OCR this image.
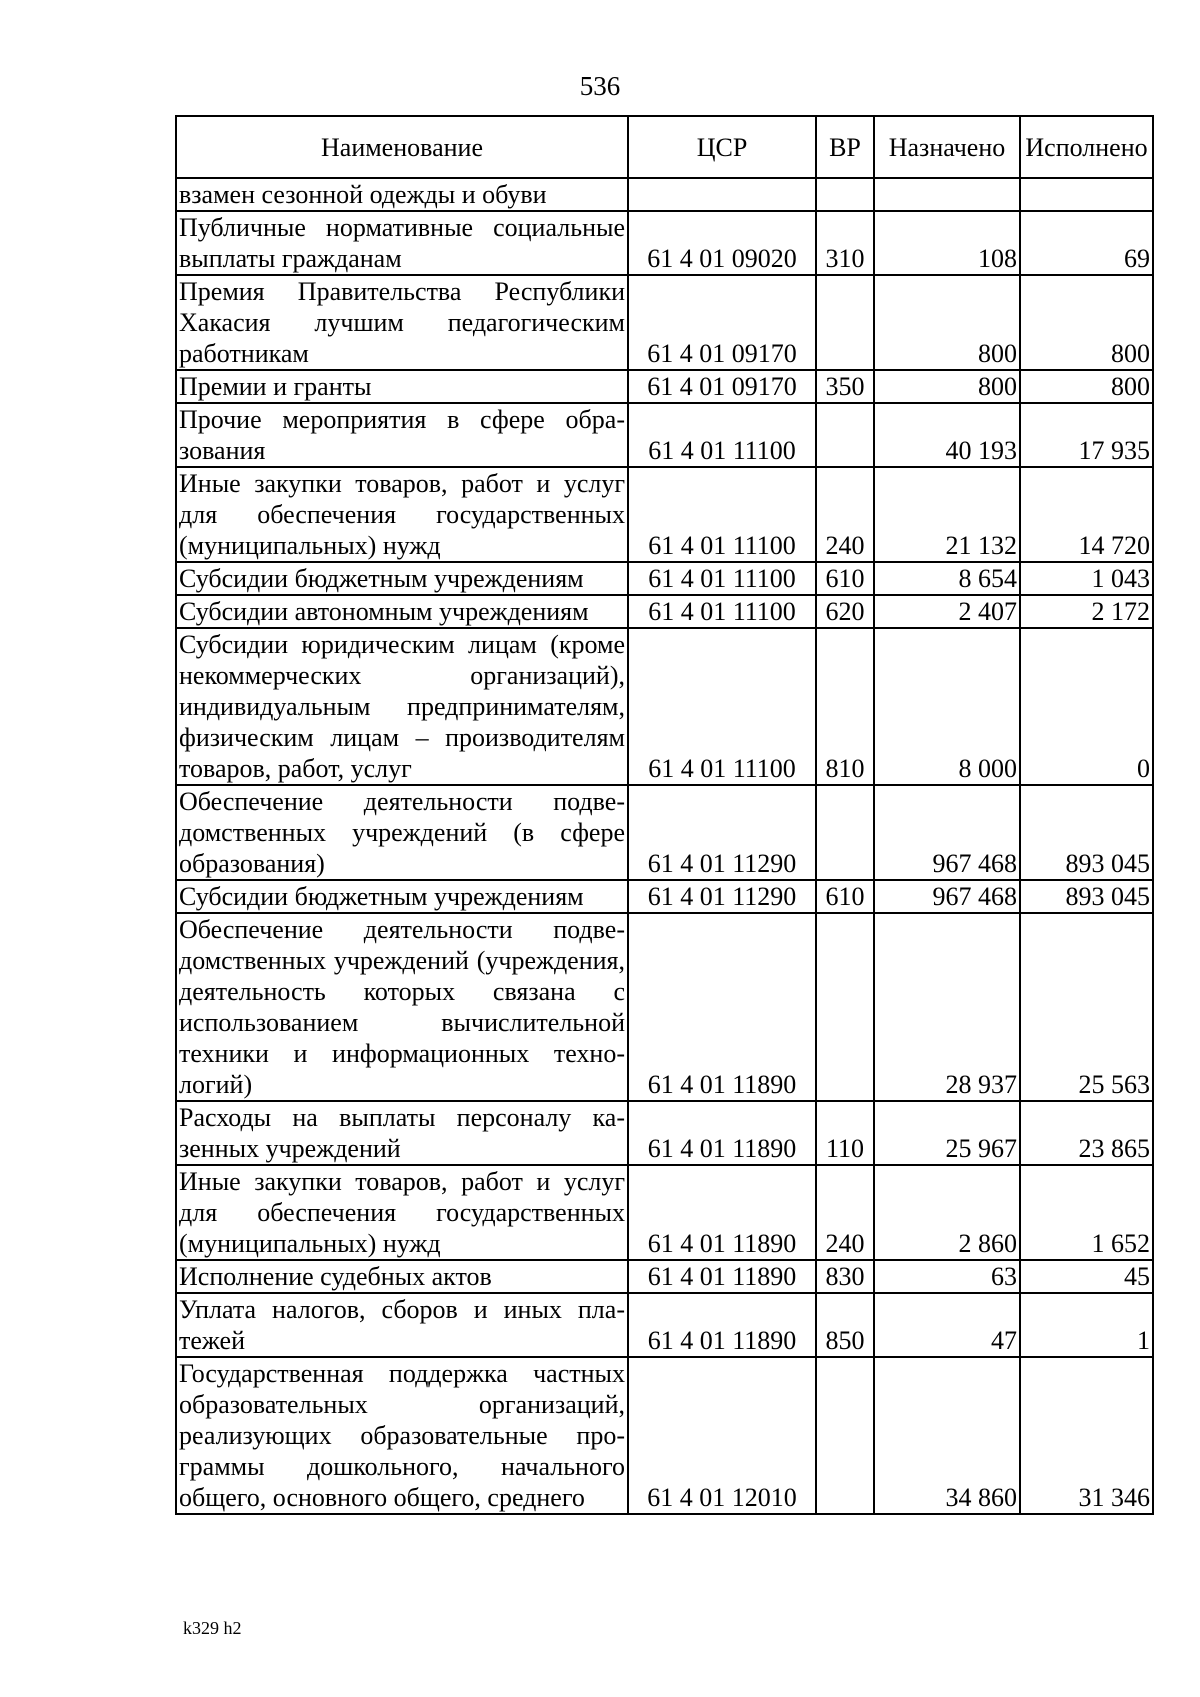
536
Наименование	ЦСР	ВР	Назначено	Исполнено
взамен сезонной одежды и обуви				
Публичные нормативные социальные выплаты гражданам	61 4 01 09020	310	108	69
Премия Правительства Республики Хакасия лучшим педагогическим работникам	61 4 01 09170		800	800
Премии и гранты	61 4 01 09170	350	800	800
Прочие мероприятия в сфере образования	61 4 01 11100		40 193	17 935
Иные закупки товаров, работ и услуг для обеспечения государственных (муниципальных) нужд	61 4 01 11100	240	21 132	14 720
Субсидии бюджетным учреждениям	61 4 01 11100	610	8 654	1 043
Субсидии автономным учреждениям	61 4 01 11100	620	2 407	2 172
Субсидии юридическим лицам (кроме некоммерческих организаций), индивидуальным предпринимателям, физическим лицам – производителям товаров, работ, услуг	61 4 01 11100	810	8 000	0
Обеспечение деятельности подведомственных учреждений (в сфере образования)	61 4 01 11290		967 468	893 045
Субсидии бюджетным учреждениям	61 4 01 11290	610	967 468	893 045
Обеспечение деятельности подведомственных учреждений (учреждения, деятельность которых связана с использованием вычислительной техники и информационных технологий)	61 4 01 11890		28 937	25 563
Расходы на выплаты персоналу казенных учреждений	61 4 01 11890	110	25 967	23 865
Иные закупки товаров, работ и услуг для обеспечения государственных (муниципальных) нужд	61 4 01 11890	240	2 860	1 652
Исполнение судебных актов	61 4 01 11890	830	63	45
Уплата налогов, сборов и иных платежей	61 4 01 11890	850	47	1
Государственная поддержка частных образовательных организаций, реализующих образовательные программы дошкольного, начального общего, основного общего, среднего	61 4 01 12010		34 860	31 346
k329 h2
